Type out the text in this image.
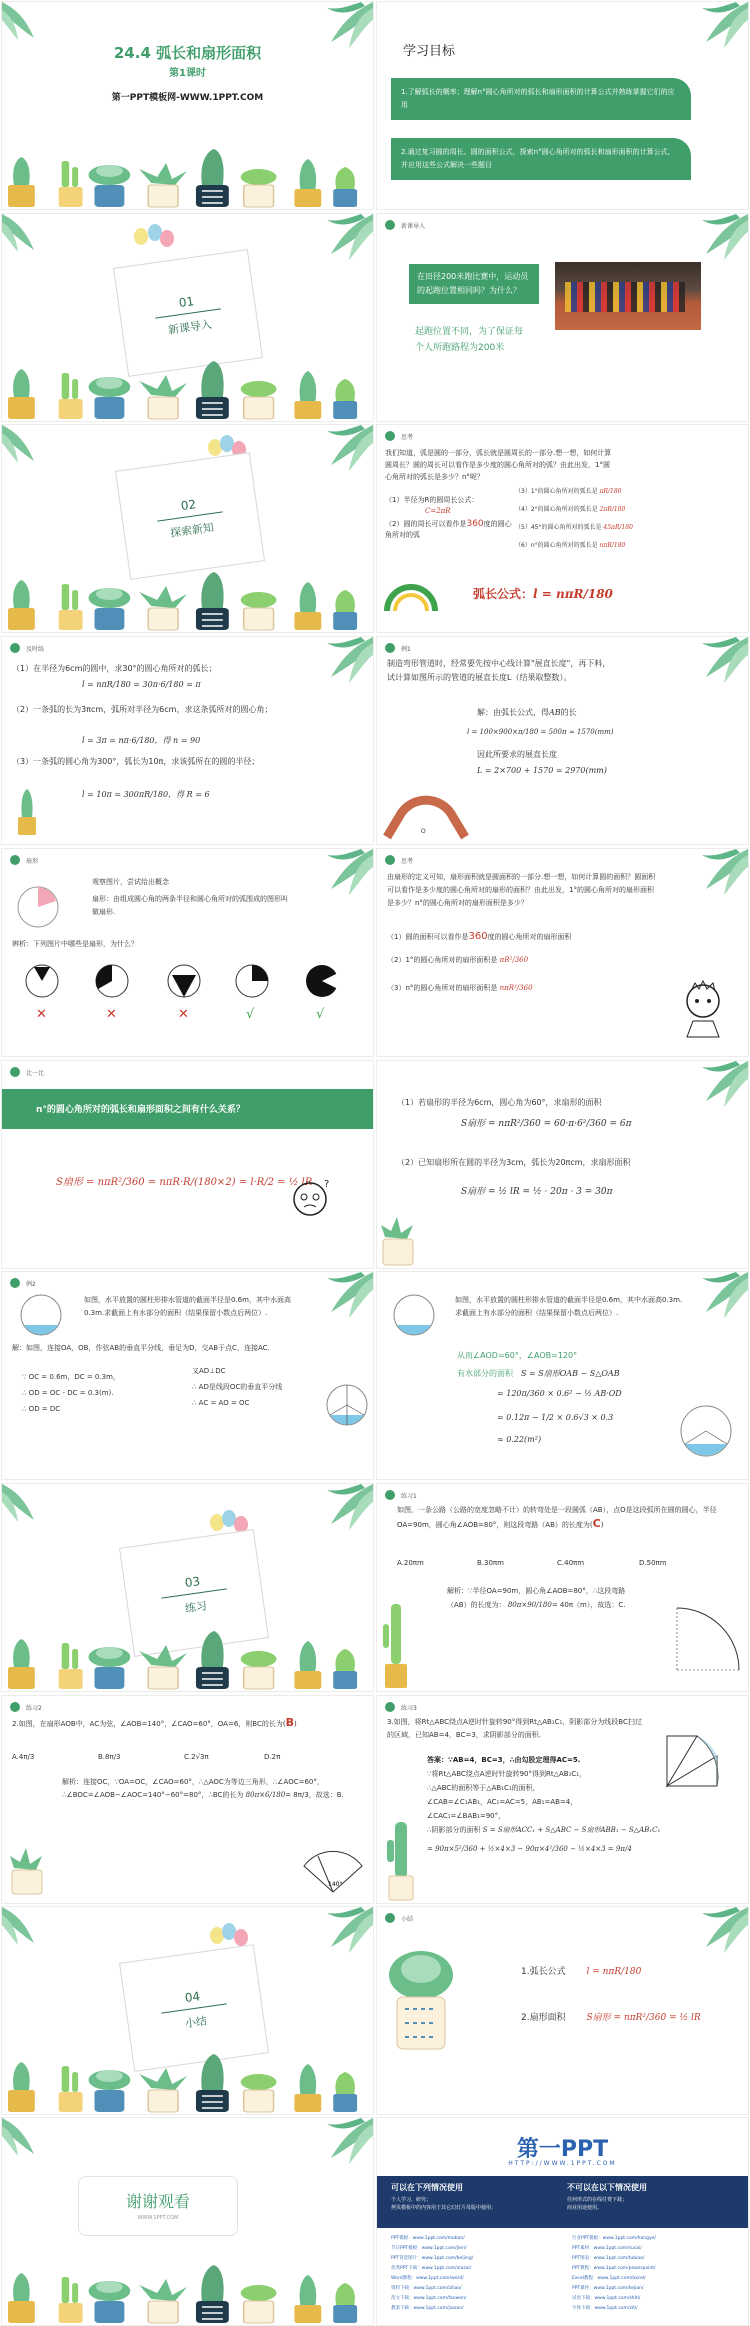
24.4 弧长和扇形面积
第1课时
第一PPT模板网-WWW.1PPT.COM
学习目标
1.了解弧长的概率；理解n°圆心角所对的弧长和扇形面积的计算公式并熟练掌握它们的应用
2.通过复习圆的周长、圆的面积公式，探索n°圆心角所对的弧长和扇形面积的计算公式，并应用这些公式解决一些题目
01
新课导入
新课导入
在田径200米跑比赛中，运动员的起跑位置相同吗？为什么？
起跑位置不同，为了保证每个人所跑路程为200米
02
探索新知
思考
我们知道，弧是圆的一部分，弧长就是圆周长的一部分.想一想，如何计算圆周长？圆的周长可以看作是多少度的圆心角所对的弧？由此出发，1°圆心角所对的弧长是多少？n°呢？
（1）半径为R的圆周长公式：
C=2πR
（2）圆的周长可以看作是360度的圆心角所对的弧
（3）1°的圆心角所对的弧长是 πR/180
（4）2°的圆心角所对的弧长是 2πR/180
（5）45°的圆心角所对的弧长是 45πR/180
（6）n°的圆心角所对的弧长是 nπR/180
弧长公式：l = nπR/180
及时练
（1）在半径为6cm的圆中，求30°的圆心角所对的弧长；
l = nπR/180 = 30π·6/180 = π
（2）一条弧的长为3πcm，弧所对半径为6cm，求这条弧所对的圆心角；
l = 3π = nπ·6/180，得 n = 90
（3）一条弧的圆心角为300°，弧长为10π，求该弧所在的圆的半径；
l = 10π = 300πR/180，得 R = 6
例1
制造弯形管道时，经常要先按中心线计算"展直长度"，再下料，试计算如图所示的管道的展直长度L（结果取整数）。
解：由弧长公式，得AB的长
l = 100×900×π/180 = 500π ≈ 1570(mm)
因此所要求的展直长度
L = 2×700 + 1570 = 2970(mm)
O
扇形
观察图片，尝试给出概念
扇形：由组成圆心角的两条半径和圆心角所对的弧围成的图形叫做扇形.
辨析：下列图片中哪些是扇形，为什么？
✕	✕	✕	√	√
思考
由扇形的定义可知，扇形面积就是圆面积的一部分.想一想，如何计算圆的面积？圆面积可以看作是多少度的圆心角所对的扇形的面积？由此出发，1°的圆心角所对的扇形面积是多少？n°的圆心角所对的扇形面积是多少？
（1）圆的面积可以看作是360度的圆心角所对的扇形面积
（2）1°的圆心角所对的扇形面积是 πR²/360
（3）n°的圆心角所对的扇形面积是 nπR²/360
比一比
n°的圆心角所对的弧长和扇形面积之间有什么关系？
S扇形 = nπR²/360 = nπR·R/(180×2) = l·R/2 = ½ lR ?
（1）若扇形的半径为6cm，圆心角为60°，求扇形的面积
S扇形 = nπR²/360 = 60·π·6²/360 = 6π
（2）已知扇形所在圆的半径为3cm，弧长为20πcm，求扇形面积
S扇形 = ½ lR = ½ · 20π · 3 = 30π
例2
如图，水平放置的圆柱形排水管道的截面半径是0.6m，其中水面高0.3m.求截面上有水部分的面积（结果保留小数点后两位）.
解：如图，连接OA，OB，作弦AB的垂直平分线，垂足为D，交AB于点C，连接AC.
∵ OC = 0.6m，DC = 0.3m，
∴ OD = OC - DC = 0.3(m).
∴ OD = DC
又AD⊥DC
∴ AD是线段OC的垂直平分线
∴ AC = AO = OC
如图，水平放置的圆柱形排水管道的截面半径是0.6m，其中水面高0.3m.求截面上有水部分的面积（结果保留小数点后两位）.
从而∠AOD=60°，∠AOB=120°
有水部分的面积 S = S扇形OAB − S△OAB
= 120π/360 × 0.6² − ½ AB·OD
= 0.12π − 1/2 × 0.6√3 × 0.3
≈ 0.22(m²)
03
练习
练习1
如图，一条公路（公路的宽度忽略不计）的转弯处是一段圆弧（AB），点O是这段弧所在圆的圆心，半径OA=90m，圆心角∠AOB=80°，则这段弯路（AB）的长度为(C)
A.20πm	B.30πm	C.40πm	D.50πm
解析：∵半径OA=90m，圆心角∠AOB=80°，∴这段弯路（AB）的长度为： 80π×90/180= 40π（m），故选：C.
练习2
2.如图，在扇形AOB中，AC为弦，∠AOB=140°，∠CAO=60°，OA=6，则BC的长为(B)
A.4π/3	B.8π/3	C.2√3π	D.2π
解析：连接OC，∵OA=OC，∠CAO=60°，∴△AOC为等边三角形，∴∠AOC=60°，∴∠BOC=∠AOB−∠AOC=140°−60°=80°，∴BC的长为 80π×6/180= 8π/3，故选：B.
140°
练习3
3.如图，将Rt△ABC绕点A逆时针旋转90°得到Rt△AB₁C₁，阴影部分为线段BC扫过的区域，已知AB=4，BC=3，求阴影部分的面积.
答案：∵AB=4，BC=3，∴由勾股定理得AC=5.
∵将Rt△ABC绕点A逆时针旋转90°得到Rt△AB₁C₁，
∴△ABC的面积等于△AB₁C₁的面积，
∠CAB=∠C₁AB₁，AC₁=AC=5，AB₁=AB=4，
∠CAC₁=∠BAB₁=90°，
∴阴影部分的面积 S = S扇形ACC₁ + S△ABC − S扇形ABB₁ − S△AB₁C₁
= 90π×5²/360 + ½×4×3 − 90π×4²/360 − ½×4×3 = 9π/4
04
小结
小结
1.弧长公式 l = nπR/180
2.扇形面积 S扇形 = nπR²/360 = ½ lR
谢谢观看
WWW.1PPT.COM
第一PPT
HTTP://WWW.1PPT.COM
可以在下列情况使用
个人学习、研究；
拷贝模板中的内容用于其它幻灯片母版中使用；
不可以在以下情况使用
任何形式的在线付费下载；
商业用途使用。
PPT模板：www.1ppt.com/moban/	行业PPT模板：www.1ppt.com/hangye/
节日PPT模板：www.1ppt.com/jieri/	PPT素材：www.1ppt.com/sucai/
PPT背景图片：www.1ppt.com/beijing/	PPT图表：www.1ppt.com/tubiao/
优秀PPT下载：www.1ppt.com/xiazai/	PPT教程：www.1ppt.com/powerpoint/
Word教程：www.1ppt.com/word/	Excel教程：www.1ppt.com/excel/
资料下载：www.1ppt.com/ziliao/	PPT课件：www.1ppt.com/kejian/
范文下载：www.1ppt.com/fanwen/	试卷下载：www.1ppt.com/shiti/
教案下载：www.1ppt.com/jiaoan/	字体下载：www.1ppt.com/ziti/
